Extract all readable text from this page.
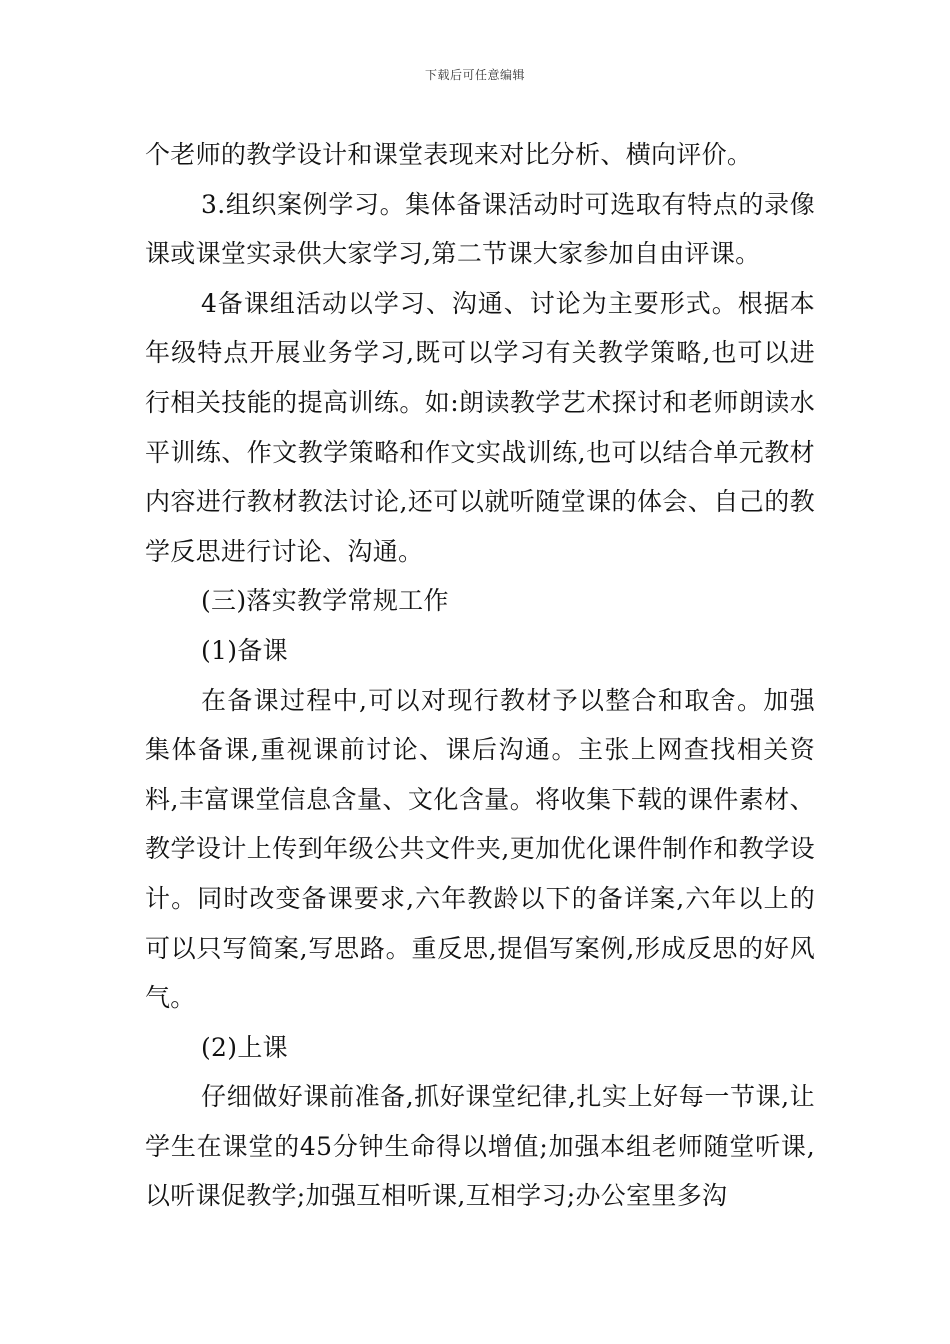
下载后可任意编辑

个老师的教学设计和课堂表现来对比分析、横向评价。

3.组织案例学习。集体备课活动时可选取有特点的录像课或课堂实录供大家学习,第二节课大家参加自由评课。

4备课组活动以学习、沟通、讨论为主要形式。根据本年级特点开展业务学习,既可以学习有关教学策略,也可以进行相关技能的提高训练。如:朗读教学艺术探讨和老师朗读水平训练、作文教学策略和作文实战训练,也可以结合单元教材内容进行教材教法讨论,还可以就听随堂课的体会、自己的教学反思进行讨论、沟通。

(三)落实教学常规工作

(1)备课

在备课过程中,可以对现行教材予以整合和取舍。加强集体备课,重视课前讨论、课后沟通。主张上网查找相关资料,丰富课堂信息含量、文化含量。将收集下载的课件素材、教学设计上传到年级公共文件夹,更加优化课件制作和教学设计。同时改变备课要求,六年教龄以下的备详案,六年以上的可以只写简案,写思路。重反思,提倡写案例,形成反思的好风气。

(2)上课

仔细做好课前准备,抓好课堂纪律,扎实上好每一节课,让学生在课堂的45分钟生命得以增值;加强本组老师随堂听课,以听课促教学;加强互相听课,互相学习;办公室里多沟
